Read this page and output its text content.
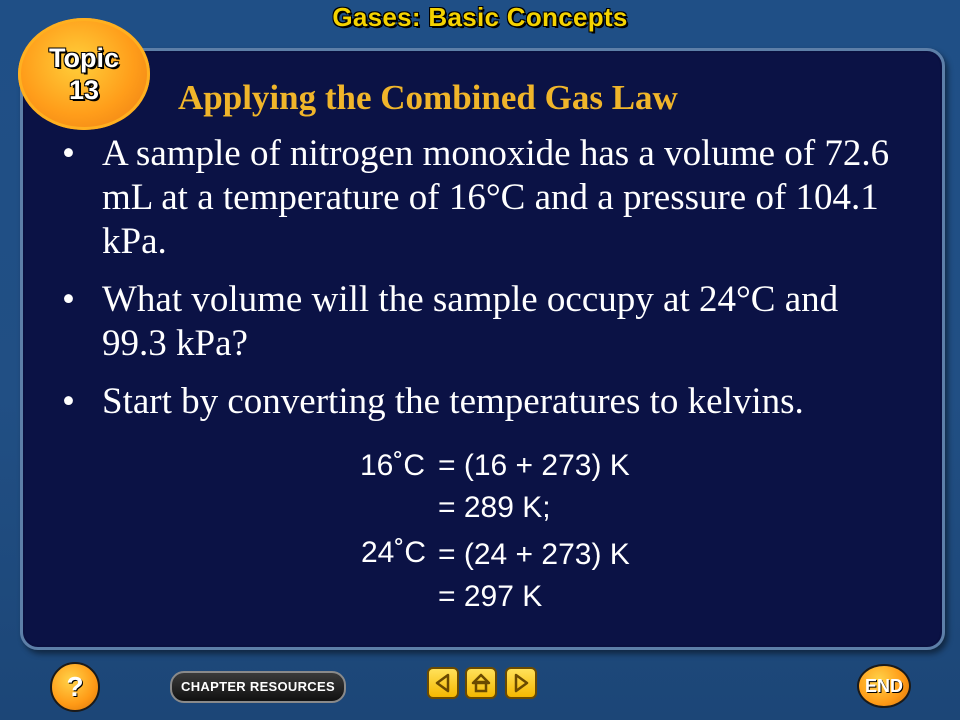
Gases: Basic Concepts
Topic
13	Applying the Combined Gas Law
• A sample of nitrogen monoxide has a volume of 72.6 mL at a temperature of 16°C and a pressure of 104.1 kPa.
• What volume will the sample occupy at 24°C and 99.3 kPa?
• Start by converting the temperatures to kelvins.
16˚C = (16 + 273) K
= 289 K;
24˚C = (24 + 273) K
= 297 K
?	CHAPTER RESOURCES	END
